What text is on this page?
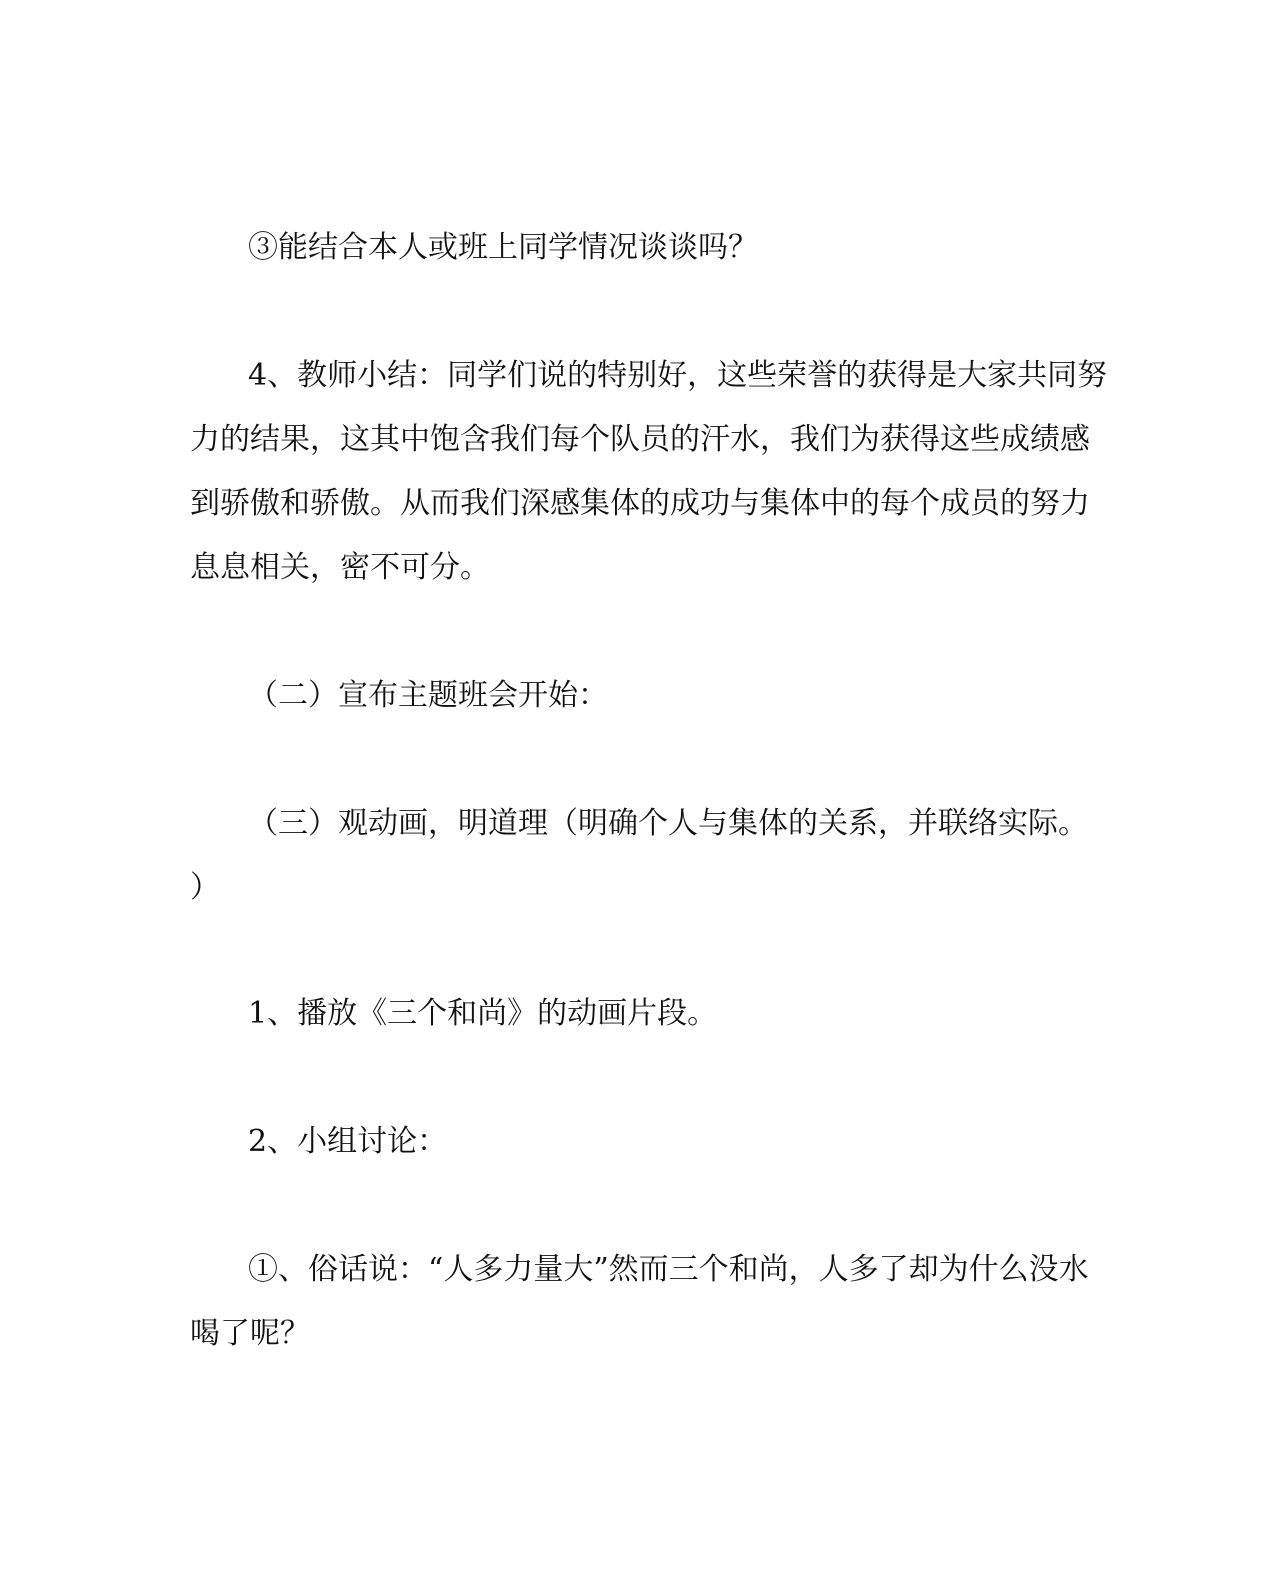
③能结合本人或班上同学情况谈谈吗？

4、教师小结：同学们说的特别好，这些荣誉的获得是大家共同努
力的结果，这其中饱含我们每个队员的汗水，我们为获得这些成绩感
到骄傲和骄傲。从而我们深感集体的成功与集体中的每个成员的努力
息息相关，密不可分。

（二）宣布主题班会开始：

（三）观动画，明道理（明确个人与集体的关系，并联络实际。
）

1、播放《三个和尚》的动画片段。

2、小组讨论：

①、俗话说：“人多力量大”然而三个和尚，人多了却为什么没水
喝了呢？
